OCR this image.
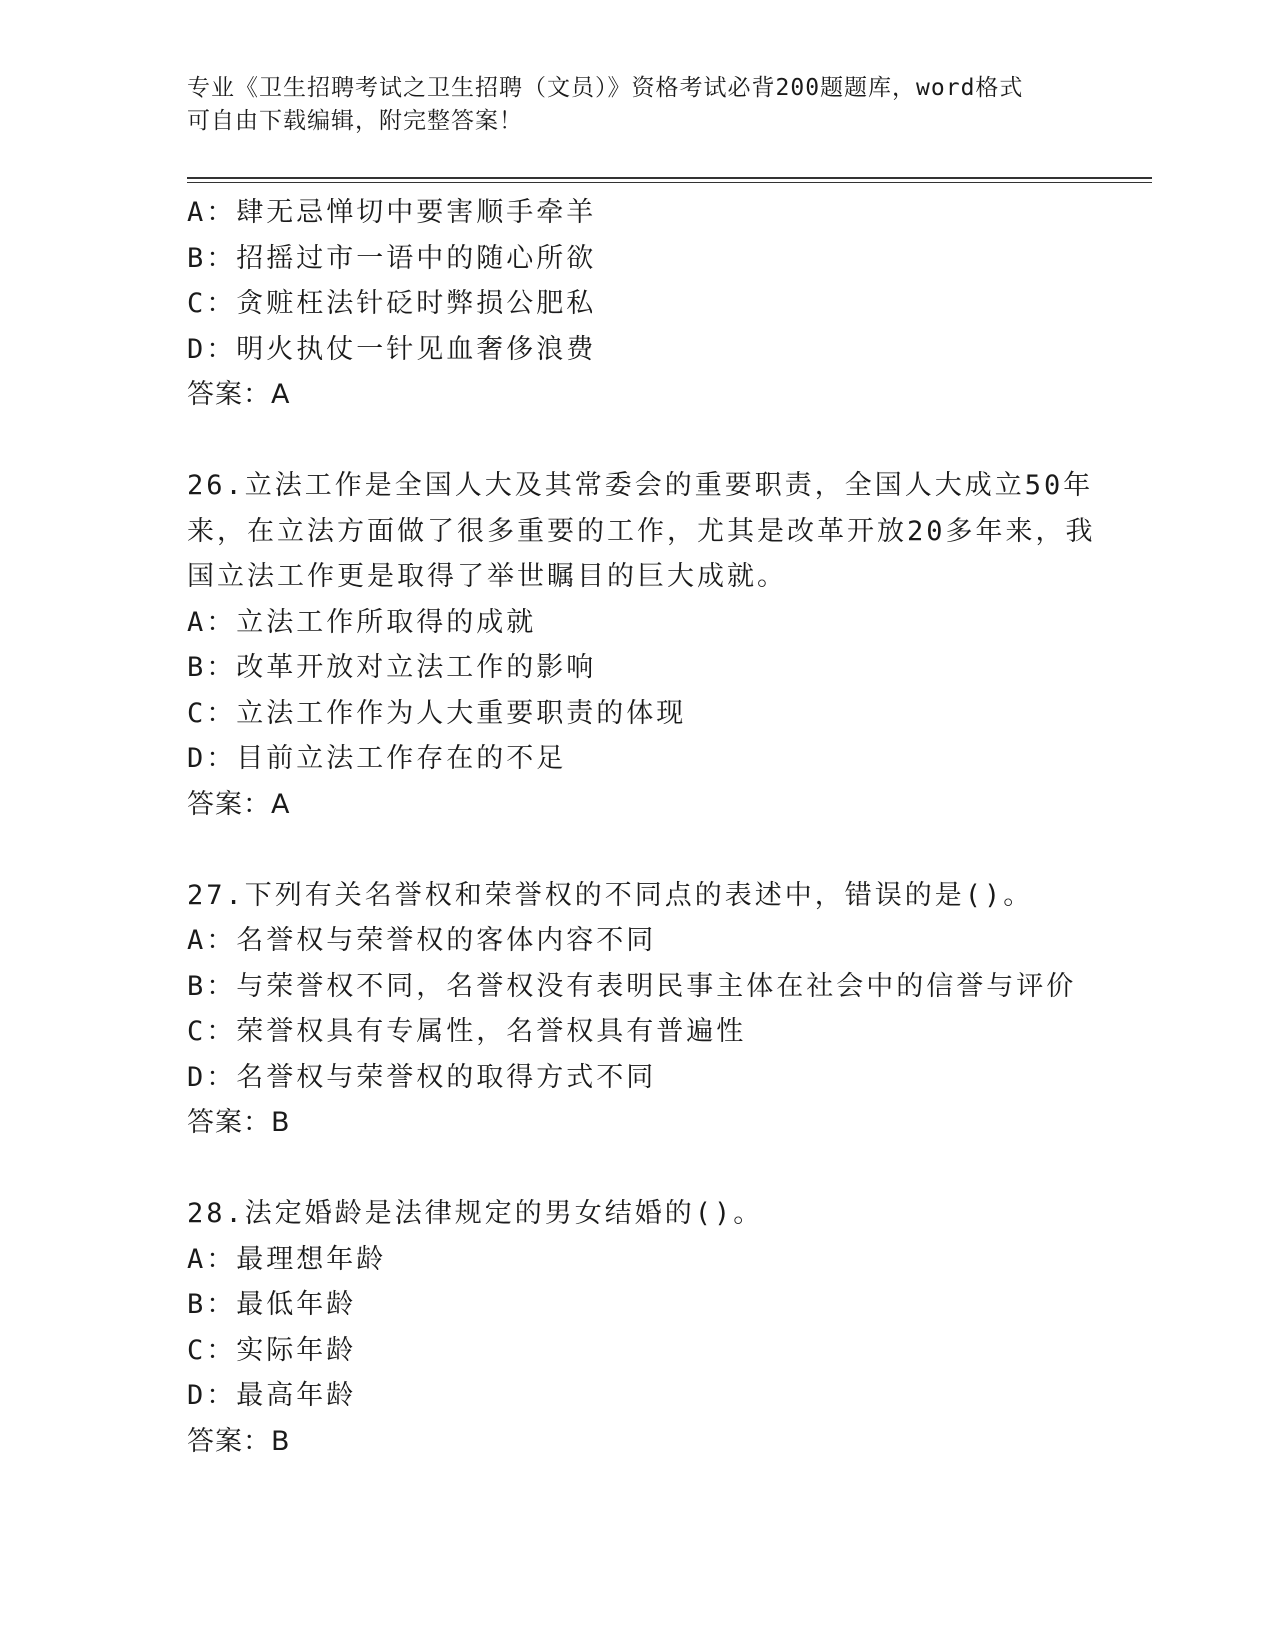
专业《卫生招聘考试之卫生招聘（文员）》资格考试必背200题题库，word格式
可自由下载编辑，附完整答案！
A：肆无忌惮切中要害顺手牵羊
B：招摇过市一语中的随心所欲
C：贪赃枉法针砭时弊损公肥私
D：明火执仗一针见血奢侈浪费
答案：A
26.立法工作是全国人大及其常委会的重要职责，全国人大成立50年
来，在立法方面做了很多重要的工作，尤其是改革开放20多年来，我
国立法工作更是取得了举世瞩目的巨大成就。
A：立法工作所取得的成就
B：改革开放对立法工作的影响
C：立法工作作为人大重要职责的体现
D：目前立法工作存在的不足
答案：A
27.下列有关名誉权和荣誉权的不同点的表述中，错误的是()。
A：名誉权与荣誉权的客体内容不同
B：与荣誉权不同，名誉权没有表明民事主体在社会中的信誉与评价
C：荣誉权具有专属性，名誉权具有普遍性
D：名誉权与荣誉权的取得方式不同
答案：B
28.法定婚龄是法律规定的男女结婚的()。
A：最理想年龄
B：最低年龄
C：实际年龄
D：最高年龄
答案：B
